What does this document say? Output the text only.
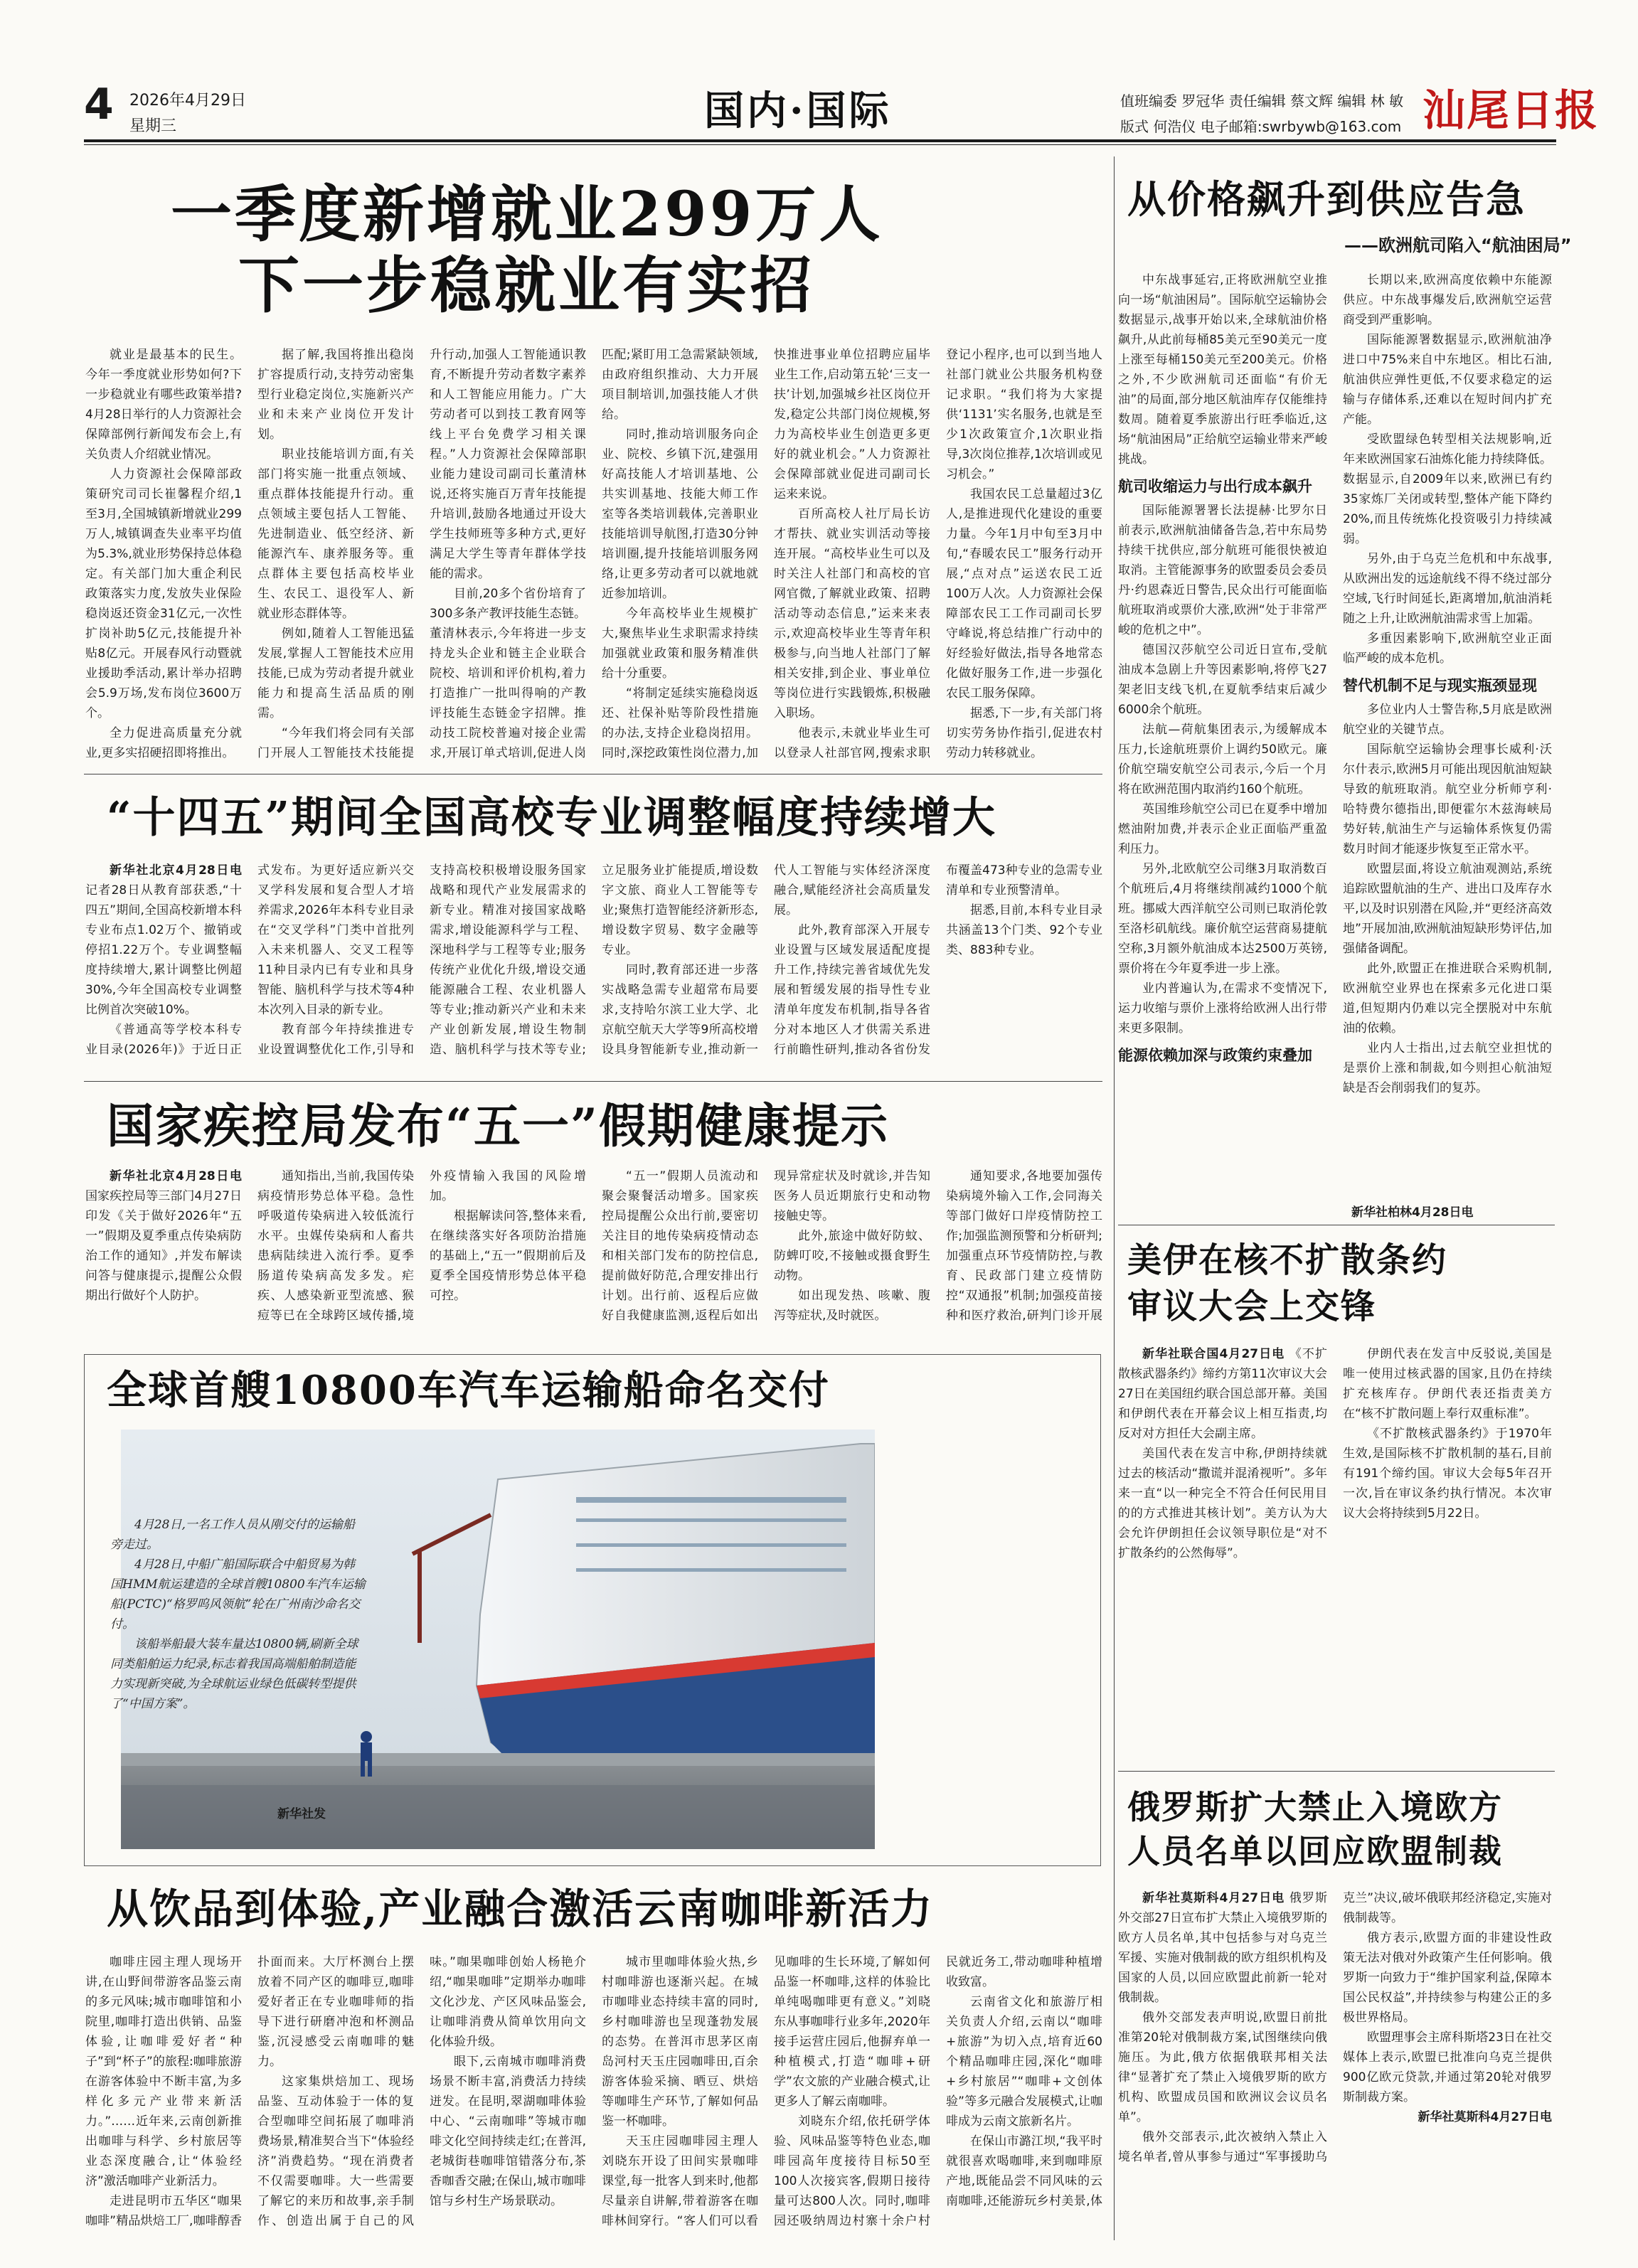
4 2026年4月29日
星期三	国内·国际	值班编委 罗冠华 责任编辑 蔡文辉 编辑 林 敏
版式 何浩仪 电子邮箱:swrbywb@163.com 汕尾日报
一季度新增就业299万人
下一步稳就业有实招

就业是最基本的民生。今年一季度就业形势如何?下一步稳就业有哪些政策举措?4月28日举行的人力资源社会保障部例行新闻发布会上,有关负责人介绍就业情况。

人力资源社会保障部政策研究司司长崔馨程介绍,1至3月,全国城镇新增就业299万人,城镇调查失业率平均值为5.3%,就业形势保持总体稳定。有关部门加大重企利民政策落实力度,发放失业保险稳岗返还资金31亿元,一次性扩岗补助5亿元,技能提升补贴8亿元。开展春风行动暨就业援助季活动,累计举办招聘会5.9万场,发布岗位3600万个。

全力促进高质量充分就业,更多实招硬招即将推出。

据了解,我国将推出稳岗扩容提质行动,支持劳动密集型行业稳定岗位,实施新兴产业和未来产业岗位开发计划。

职业技能培训方面,有关部门将实施一批重点领域、重点群体技能提升行动。重点领域主要包括人工智能、先进制造业、低空经济、新能源汽车、康养服务等。重点群体主要包括高校毕业生、农民工、退役军人、新就业形态群体等。

例如,随着人工智能迅猛发展,掌握人工智能技术应用技能,已成为劳动者提升就业能力和提高生活品质的刚需。

“今年我们将会同有关部门开展人工智能技术技能提升行动,加强人工智能通识教育,不断提升劳动者数字素养和人工智能应用能力。广大劳动者可以到技工教育网等线上平台免费学习相关课程。”人力资源社会保障部职业能力建设司副司长董清林说,还将实施百万青年技能提升培训,鼓励各地通过开设大学生技师班等多种方式,更好满足大学生等青年群体学技能的需求。

目前,20多个省份培育了300多条产教评技能生态链。董清林表示,今年将进一步支持龙头企业和链主企业联合院校、培训和评价机构,着力打造推广一批叫得响的产教评技能生态链金字招牌。推动技工院校普遍对接企业需求,开展订单式培训,促进人岗匹配;紧盯用工急需紧缺领域,由政府组织推动、大力开展项目制培训,加强技能人才供给。

同时,推动培训服务向企业、院校、乡镇下沉,建强用好高技能人才培训基地、公共实训基地、技能大师工作室等各类培训载体,完善职业技能培训导航图,打造30分钟培训圈,提升技能培训服务网络,让更多劳动者可以就地就近参加培训。

今年高校毕业生规模扩大,聚焦毕业生求职需求持续加强就业政策和服务精准供给十分重要。

“将制定延续实施稳岗返还、社保补贴等阶段性措施的办法,支持企业稳岗招用。同时,深挖政策性岗位潜力,加快推进事业单位招聘应届毕业生工作,启动第五轮‘三支一扶’计划,加强城乡社区岗位开发,稳定公共部门岗位规模,努力为高校毕业生创造更多更好的就业机会。”人力资源社会保障部就业促进司副司长运来来说。

百所高校人社厅局长访才帮扶、就业实训活动等接连开展。“高校毕业生可以及时关注人社部门和高校的官网官微,了解就业政策、招聘活动等动态信息,”运来来表示,欢迎高校毕业生等青年积极参与,向当地人社部门了解相关安排,到企业、事业单位等岗位进行实践锻炼,积极融入职场。

他表示,未就业毕业生可以登录人社部官网,搜索求职登记小程序,也可以到当地人社部门就业公共服务机构登记求职。“我们将为大家提供‘1131’实名服务,也就是至少1次政策宣介,1次职业指导,3次岗位推荐,1次培训或见习机会。”

我国农民工总量超过3亿人,是推进现代化建设的重要力量。今年1月中旬至3月中旬,“春暖农民工”服务行动开展,“点对点”运送农民工近100万人次。人力资源社会保障部农民工工作司副司长罗守峰说,将总结推广行动中的好经验好做法,指导各地常态化做好服务工作,进一步强化农民工服务保障。

据悉,下一步,有关部门将切实劳务协作指引,促进农村劳动力转移就业。

“十四五”期间全国高校专业调整幅度持续增大

新华社北京4月28日电 记者28日从教育部获悉,“十四五”期间,全国高校新增本科专业布点1.02万个、撤销或停招1.22万个。专业调整幅度持续增大,累计调整比例超30%,今年全国高校专业调整比例首次突破10%。

《普通高等学校本科专业目录(2026年)》于近日正式发布。为更好适应新兴交叉学科发展和复合型人才培养需求,2026年本科专业目录在“交叉学科”门类中首批列入未来机器人、交叉工程等11种目录内已有专业和具身智能、脑机科学与技术等4种本次列入目录的新专业。

教育部今年持续推进专业设置调整优化工作,引导和支持高校积极增设服务国家战略和现代产业发展需求的新专业。精准对接国家战略需求,增设能源科学与工程、深地科学与工程等专业;服务传统产业优化升级,增设交通能源融合工程、农业机器人等专业;推动新兴产业和未来产业创新发展,增设生物制造、脑机科学与技术等专业;立足服务业扩能提质,增设数字文旅、商业人工智能等专业;聚焦打造智能经济新形态,增设数字贸易、数字金融等专业。

同时,教育部还进一步落实战略急需专业超常布局要求,支持哈尔滨工业大学、北京航空航天大学等9所高校增设具身智能新专业,推动新一代人工智能与实体经济深度融合,赋能经济社会高质量发展。

此外,教育部深入开展专业设置与区域发展适配度提升工作,持续完善省域优先发展和暂缓发展的指导性专业清单年度发布机制,指导各省分对本地区人才供需关系进行前瞻性研判,推动各省份发布覆盖473种专业的急需专业清单和专业预警清单。

据悉,目前,本科专业目录共涵盖13个门类、92个专业类、883种专业。

国家疾控局发布“五一”假期健康提示

新华社北京4月28日电 国家疾控局等三部门4月27日印发《关于做好2026年“五一”假期及夏季重点传染病防治工作的通知》,并发布解读问答与健康提示,提醒公众假期出行做好个人防护。

通知指出,当前,我国传染病疫情形势总体平稳。急性呼吸道传染病进入较低流行水平。虫媒传染病和人畜共患病陆续进入流行季。夏季肠道传染病高发多发。疟疾、人感染新亚型流感、猴痘等已在全球跨区域传播,境外疫情输入我国的风险增加。

根据解读问答,整体来看,在继续落实好各项防治措施的基础上,“五一”假期前后及夏季全国疫情形势总体平稳可控。

“五一”假期人员流动和聚会聚餐活动增多。国家疾控局提醒公众出行前,要密切关注目的地传染病疫情动态和相关部门发布的防控信息,提前做好防范,合理安排出行计划。出行前、返程后应做好自我健康监测,返程后如出现异常症状及时就诊,并告知医务人员近期旅行史和动物接触史等。

此外,旅途中做好防蚊、防蜱叮咬,不接触或摄食野生动物。

如出现发热、咳嗽、腹泻等症状,及时就医。

通知要求,各地要加强传染病境外输入工作,会同海关等部门做好口岸疫情防控工作;加强监测预警和分析研判;加强重点环节疫情防控,与教育、民政部门建立疫情防控“双通报”机制;加强疫苗接种和医疗救治,研判门诊开展

全球首艘10800车汽车运输船命名交付

4月28日,一名工作人员从刚交付的运输船旁走过。

4月28日,中船广船国际联合中船贸易为韩国HMM航运建造的全球首艘10800车汽车运输船(PCTC)“格罗呜风领航”轮在广州南沙命名交付。

该船举船最大装车量达10800辆,刷新全球同类船舶运力纪录,标志着我国高端船舶制造能力实现新突破,为全球航运业绿色低碳转型提供了“中国方案”。

新华社发
从饮品到体验,产业融合激活云南咖啡新活力

咖啡庄园主理人现场开讲,在山野间带游客品鉴云南的多元风味;城市咖啡馆和小院里,咖啡打造出供销、品鉴体验,让咖啡爱好者“种子”到“杯子”的旅程:咖啡旅游在游客体验中不断丰富,为多样化多元产业带来新活力。”……近年来,云南创新推出咖啡与科学、乡村旅居等业态深度融合,让“体验经济”激活咖啡产业新活力。

走进昆明市五华区“咖果咖啡”精品烘焙工厂,咖啡醇香扑面而来。大厅杯测台上摆放着不同产区的咖啡豆,咖啡爱好者正在专业咖啡师的指导下进行研磨冲泡和杯测品鉴,沉浸感受云南咖啡的魅力。

这家集烘焙加工、现场品鉴、互动体验于一体的复合型咖啡空间拓展了咖啡消费场景,精准契合当下“体验经济”消费趋势。“现在消费者不仅需要咖啡。大一些需要了解它的来历和故事,亲手制作、创造出属于自己的风味。”咖果咖啡创始人杨艳介绍,“咖果咖啡”定期举办咖啡文化沙龙、产区风味品鉴会,让咖啡消费从简单饮用向文化体验升级。

眼下,云南城市咖啡消费场景不断丰富,消费活力持续迸发。在昆明,翠湖咖啡体验中心、“云南咖啡”等城市咖啡文化空间持续走红;在普洱,老城街巷咖啡馆错落分布,茶香咖香交融;在保山,城市咖啡馆与乡村生产场景联动。

城市里咖啡体验火热,乡村咖啡游也逐渐兴起。在城市咖啡业态持续丰富的同时,乡村咖啡游也呈现蓬勃发展的态势。在普洱市思茅区南岛河村天玉庄园咖啡田,百余游客体验采摘、晒豆、烘焙等咖啡生产环节,了解如何品鉴一杯咖啡。

天玉庄园咖啡园主理人刘晓东开设了田间实景咖啡课堂,每一批客人到来时,他都尽量亲自讲解,带着游客在咖啡林间穿行。“客人们可以看见咖啡的生长环境,了解如何品鉴一杯咖啡,这样的体验比单纯喝咖啡更有意义。”刘晓东从事咖啡行业多年,2020年接手运营庄园后,他摒弃单一种植模式,打造“咖啡+研学”农文旅的产业融合模式,让更多人了解云南咖啡。

刘晓东介绍,依托研学体验、风味品鉴等特色业态,咖啡园高年度接待目标50至100人次接宾客,假期日接待量可达800人次。同时,咖啡园还吸纳周边村寨十余户村民就近务工,带动咖啡种植增收致富。

云南省文化和旅游厅相关负责人介绍,云南以“咖啡+旅游”为切入点,培育近60个精品咖啡庄园,深化“咖啡+乡村旅居”“咖啡+文创体验”等多元融合发展模式,让咖啡成为云南文旅新名片。

在保山市潞江坝,“我平时就很喜欢喝咖啡,来到咖啡原产地,既能品尝不同风味的云南咖啡,还能游玩乡村美景,体

从价格飙升到供应告急
——欧洲航司陷入“航油困局”

中东战事延宕,正将欧洲航空业推向一场“航油困局”。国际航空运输协会数据显示,战事开始以来,全球航油价格飙升,从此前每桶85美元至90美元一度上涨至每桶150美元至200美元。价格之外,不少欧洲航司还面临“有价无油”的局面,部分地区航油库存仅能维持数周。随着夏季旅游出行旺季临近,这场“航油困局”正给航空运输业带来严峻挑战。

航司收缩运力与出行成本飙升

国际能源署署长法提赫·比罗尔日前表示,欧洲航油储备告急,若中东局势持续干扰供应,部分航班可能很快被迫取消。主管能源事务的欧盟委员会委员丹·约恩森近日警告,民众出行可能面临航班取消或票价大涨,欧洲“处于非常严峻的危机之中”。

德国汉莎航空公司近日宣布,受航油成本急剧上升等因素影响,将停飞27架老旧支线飞机,在夏航季结束后减少6000余个航班。

法航—荷航集团表示,为缓解成本压力,长途航班票价上调约50欧元。廉价航空瑞安航空公司表示,今后一个月将在欧洲范围内取消约160个航班。

英国维珍航空公司已在夏季中增加燃油附加费,并表示企业正面临严重盈利压力。

另外,北欧航空公司继3月取消数百个航班后,4月将继续削减约1000个航班。挪威大西洋航空公司则已取消伦敦至洛杉矶航线。廉价航空运营商易捷航空称,3月额外航油成本达2500万英镑,票价将在今年夏季进一步上涨。

业内普遍认为,在需求不变情况下,运力收缩与票价上涨将给欧洲人出行带来更多限制。

能源依赖加深与政策约束叠加

长期以来,欧洲高度依赖中东能源供应。中东战事爆发后,欧洲航空运营商受到严重影响。

国际能源署数据显示,欧洲航油净进口中75%来自中东地区。相比石油,航油供应弹性更低,不仅要求稳定的运输与存储体系,还难以在短时间内扩充产能。

受欧盟绿色转型相关法规影响,近年来欧洲国家石油炼化能力持续降低。数据显示,自2009年以来,欧洲已有约35家炼厂关闭或转型,整体产能下降约20%,而且传统炼化投资吸引力持续减弱。

另外,由于乌克兰危机和中东战事,从欧洲出发的远途航线不得不绕过部分空域,飞行时间延长,距离增加,航油消耗随之上升,让欧洲航油需求雪上加霜。

多重因素影响下,欧洲航空业正面临严峻的成本危机。

替代机制不足与现实瓶颈显现

多位业内人士警告称,5月底是欧洲航空业的关键节点。

国际航空运输协会理事长威利·沃尔什表示,欧洲5月可能出现因航油短缺导致的航班取消。航空业分析师亨利·哈特费尔德指出,即便霍尔木兹海峡局势好转,航油生产与运输体系恢复仍需数月时间才能逐步恢复至正常水平。

欧盟层面,将设立航油观测站,系统追踪欧盟航油的生产、进出口及库存水平,以及时识别潜在风险,并“更经济高效地”开展加油,欧洲航油短缺形势评估,加强储备调配。

此外,欧盟正在推进联合采购机制,欧洲航空业界也在探索多元化进口渠道,但短期内仍难以完全摆脱对中东航油的依赖。

业内人士指出,过去航空业担忧的是票价上涨和制裁,如今则担心航油短缺是否会削弱我们的复苏。

新华社柏林4月28日电
美伊在核不扩散条约
审议大会上交锋

新华社联合国4月27日电 《不扩散核武器条约》缔约方第11次审议大会27日在美国纽约联合国总部开幕。美国和伊朗代表在开幕会议上相互指责,均反对对方担任大会副主席。

美国代表在发言中称,伊朗持续就过去的核活动“撒谎并混淆视听”。多年来一直“以一种完全不符合任何民用目的的方式推进其核计划”。美方认为大会允许伊朗担任会议领导职位是“对不扩散条约的公然侮辱”。

伊朗代表在发言中反驳说,美国是唯一使用过核武器的国家,且仍在持续扩充核库存。伊朗代表还指责美方在“核不扩散问题上奉行双重标准”。

《不扩散核武器条约》于1970年生效,是国际核不扩散机制的基石,目前有191个缔约国。审议大会每5年召开一次,旨在审议条约执行情况。本次审议大会将持续到5月22日。

俄罗斯扩大禁止入境欧方
人员名单以回应欧盟制裁

新华社莫斯科4月27日电 俄罗斯外交部27日宣布扩大禁止入境俄罗斯的欧方人员名单,其中包括参与对乌克兰军援、实施对俄制裁的欧方组织机构及国家的人员,以回应欧盟此前新一轮对俄制裁。

俄外交部发表声明说,欧盟日前批准第20轮对俄制裁方案,试图继续向俄施压。为此,俄方依据俄联邦相关法律“显著扩充了禁止入境俄罗斯的欧方机构、欧盟成员国和欧洲议会议员名单”。

俄外交部表示,此次被纳入禁止入境名单者,曾从事参与通过“军事援助乌克兰”决议,破坏俄联邦经济稳定,实施对俄制裁等。

俄方表示,欧盟方面的非建设性政策无法对俄对外政策产生任何影响。俄罗斯一向致力于“维护国家利益,保障本国公民权益”,并持续参与构建公正的多极世界格局。

欧盟理事会主席科斯塔23日在社交媒体上表示,欧盟已批准向乌克兰提供900亿欧元贷款,并通过第20轮对俄罗斯制裁方案。

新华社莫斯科4月27日电
